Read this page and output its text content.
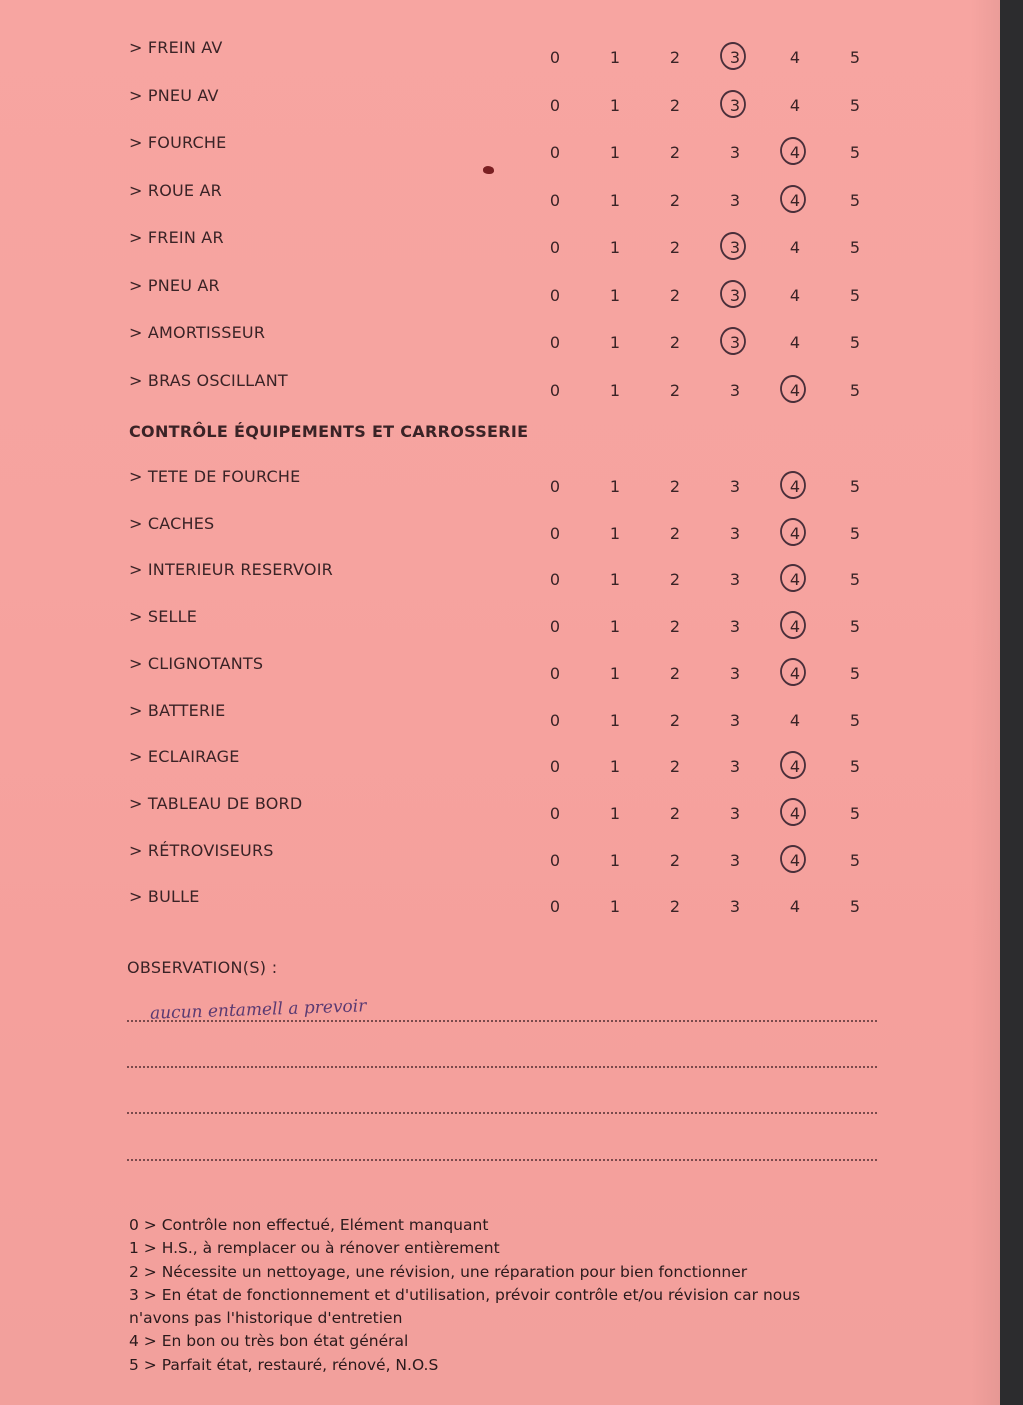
> FREIN AV
0	1	2	3	4	5
> PNEU AV
0	1	2	3	4	5
> FOURCHE
0	1	2	3	4	5
> ROUE AR
0	1	2	3	4	5
> FREIN AR
0	1	2	3	4	5
> PNEU AR
0	1	2	3	4	5
> AMORTISSEUR
0	1	2	3	4	5
> BRAS OSCILLANT
0	1	2	3	4	5
CONTRÔLE ÉQUIPEMENTS ET CARROSSERIE
> TETE DE FOURCHE
0	1	2	3	4	5
> CACHES
0	1	2	3	4	5
> INTERIEUR RESERVOIR
0	1	2	3	4	5
> SELLE
0	1	2	3	4	5
> CLIGNOTANTS
0	1	2	3	4	5
> BATTERIE
0	1	2	3	4	5
> ECLAIRAGE
0	1	2	3	4	5
> TABLEAU DE BORD
0	1	2	3	4	5
> RÉTROVISEURS
0	1	2	3	4	5
> BULLE
0	1	2	3	4	5
OBSERVATION(S) :
aucun entamell a prevoir
0 > Contrôle non effectué, Elément manquant
1 > H.S., à remplacer ou à rénover entièrement
2 > Nécessite un nettoyage, une révision, une réparation pour bien fonctionner
3 > En état de fonctionnement et d'utilisation, prévoir contrôle et/ou révision car nous
n'avons pas l'historique d'entretien
4 > En bon ou très bon état général
5 > Parfait état, restauré, rénové, N.O.S
